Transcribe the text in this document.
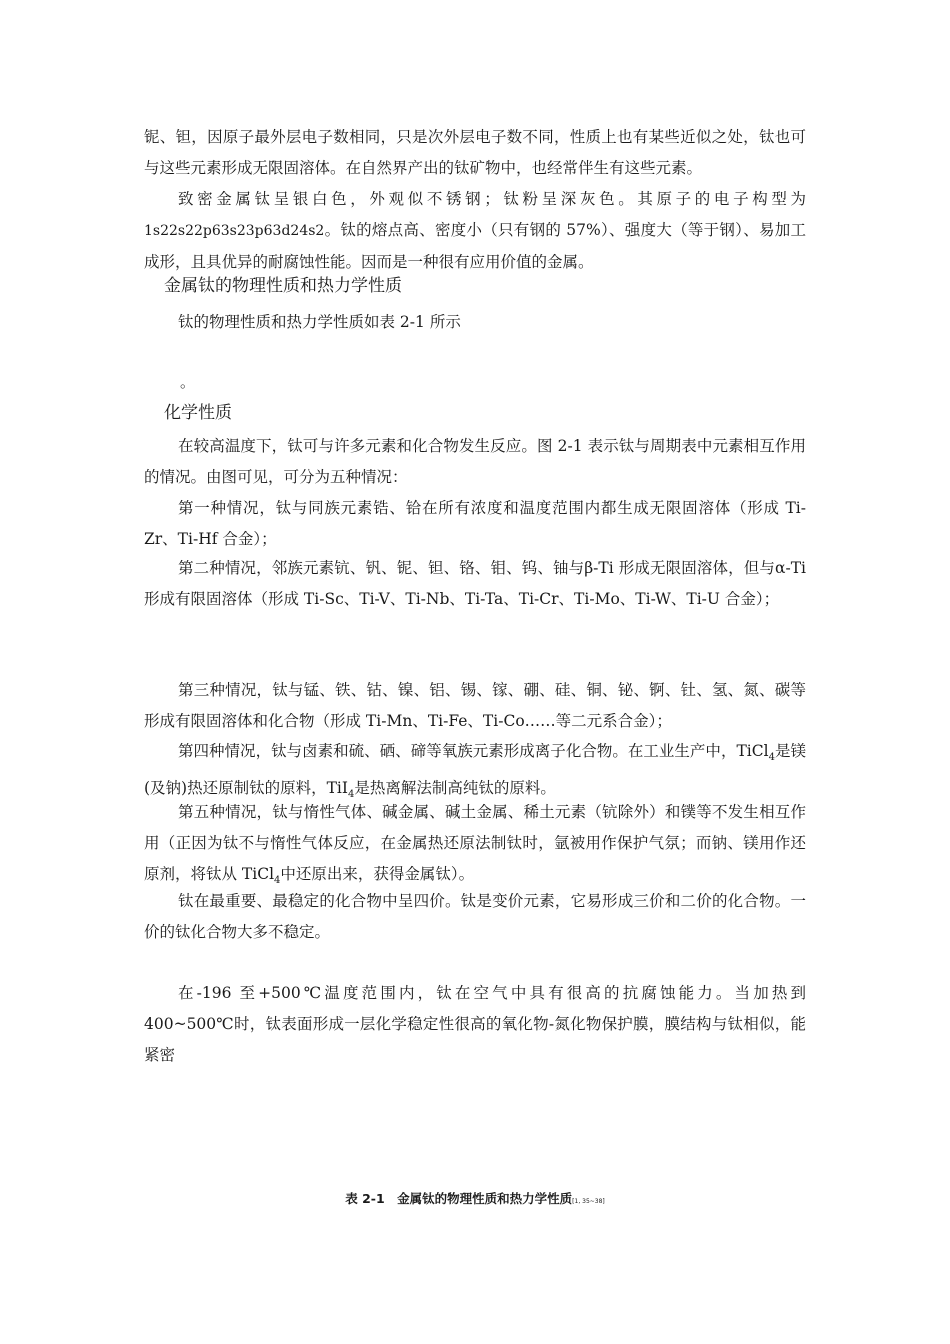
铌、钽，因原子最外层电子数相同，只是次外层电子数不同，性质上也有某些近似之处，钛也可与这些元素形成无限固溶体。在自然界产出的钛矿物中，也经常伴生有这些元素。

致密金属钛呈银白色，外观似不锈钢；钛粉呈深灰色。其原子的电子构型为1s22s22p63s23p63d24s2。钛的熔点高、密度小（只有钢的 57%）、强度大（等于钢）、易加工成形，且具优异的耐腐蚀性能。因而是一种很有应用价值的金属。

金属钛的物理性质和热力学性质

钛的物理性质和热力学性质如表 2-1 所示

。
化学性质

在较高温度下，钛可与许多元素和化合物发生反应。图 2-1 表示钛与周期表中元素相互作用的情况。由图可见，可分为五种情况：

第一种情况，钛与同族元素锆、铪在所有浓度和温度范围内都生成无限固溶体（形成 Ti-Zr、Ti-Hf 合金）；

第二种情况，邻族元素钪、钒、铌、钽、铬、钼、钨、铀与β-Ti 形成无限固溶体，但与α-Ti 形成有限固溶体（形成 Ti-Sc、Ti-V、Ti-Nb、Ti-Ta、Ti-Cr、Ti-Mo、Ti-W、Ti-U 合金）；

第三种情况，钛与锰、铁、钴、镍、铝、锡、镓、硼、硅、铜、铋、锕、钍、氢、氮、碳等形成有限固溶体和化合物（形成 Ti-Mn、Ti-Fe、Ti-Co……等二元系合金）；

第四种情况，钛与卤素和硫、硒、碲等氧族元素形成离子化合物。在工业生产中，TiCl$_4$是镁(及钠)热还原制钛的原料，TiI$_4$是热离解法制高纯钛的原料。

第五种情况，钛与惰性气体、碱金属、碱土金属、稀土元素（钪除外）和镤等不发生相互作用（正因为钛不与惰性气体反应，在金属热还原法制钛时，氩被用作保护气氛；而钠、镁用作还原剂，将钛从 TiCl$_4$中还原出来，获得金属钛）。

钛在最重要、最稳定的化合物中呈四价。钛是变价元素，它易形成三价和二价的化合物。一价的钛化合物大多不稳定。

在-196 至+500℃温度范围内，钛在空气中具有很高的抗腐蚀能力。当加热到 400~500℃时，钛表面形成一层化学稳定性很高的氧化物-氮化物保护膜，膜结构与钛相似，能紧密

表 2-1　金属钛的物理性质和热力学性质[1, 35~38]
